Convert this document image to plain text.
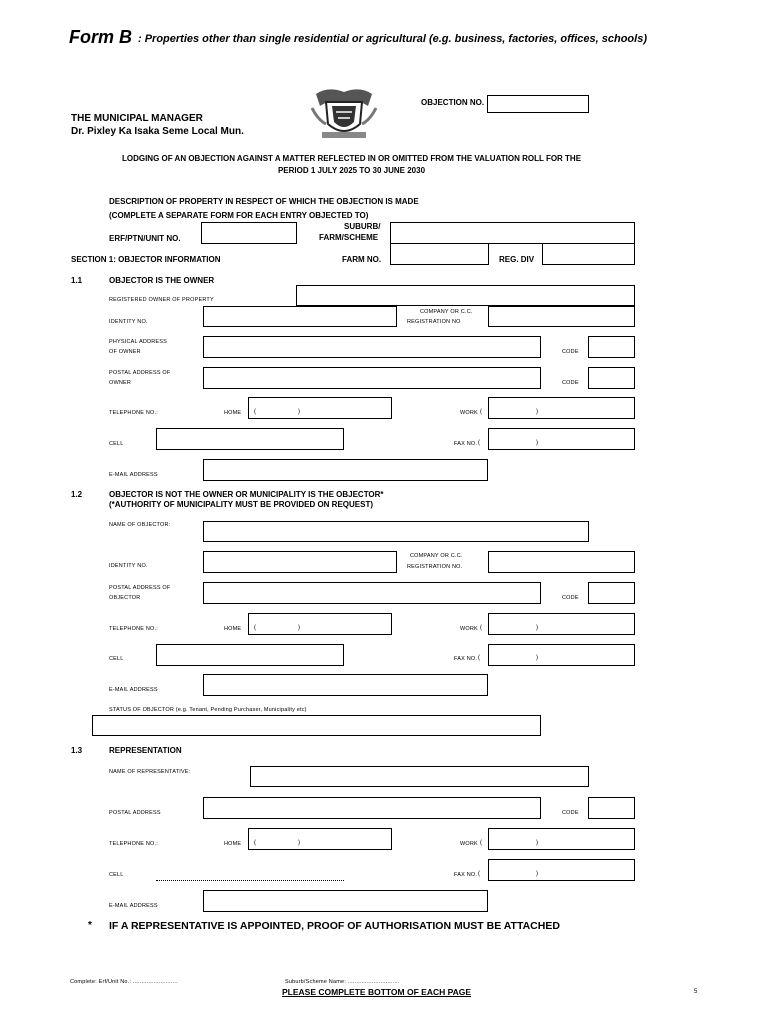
Form B : Properties other than single residential or agricultural (e.g. business, factories, offices, schools)
OBJECTION NO.
THE MUNICIPAL MANAGER
Dr. Pixley Ka Isaka Seme Local Mun.
LODGING OF AN OBJECTION AGAINST A MATTER REFLECTED IN OR OMITTED FROM THE VALUATION ROLL FOR THE
PERIOD 1 JULY 2025 TO 30 JUNE 2030
DESCRIPTION OF PROPERTY IN RESPECT OF WHICH THE OBJECTION IS MADE
(COMPLETE A SEPARATE FORM FOR EACH ENTRY OBJECTED TO)
ERF/PTN/UNIT NO.
SUBURB/
FARM/SCHEME
SECTION 1: OBJECTOR INFORMATION	FARM NO.	REG. DIV
1.1	OBJECTOR IS THE OWNER
REGISTERED OWNER OF PROPERTY
IDENTITY NO.
COMPANY OR C.C.
REGISTRATION NO
PHYSICAL ADDRESS
OF OWNER	CODE
POSTAL ADDRESS OF
OWNER	CODE
TELEPHONE NO.:	HOME (	)	WORK (	)
CELL	FAX NO. (	)
E-MAIL ADDRESS
1.2	OBJECTOR IS NOT THE OWNER OR MUNICIPALITY IS THE OBJECTOR*
(*AUTHORITY OF MUNICIPALITY MUST BE PROVIDED ON REQUEST)
NAME OF OBJECTOR:
IDENTITY NO.
COMPANY OR C.C.
REGISTRATION NO.
POSTAL ADDRESS OF
OBJECTOR	CODE
TELEPHONE NO.:	HOME (	)	WORK (	)
CELL	FAX NO. (	)
E-MAIL ADDRESS
STATUS OF OBJECTOR (e.g. Tenant, Pending Purchaser, Municipality etc)
1.3	REPRESENTATION
NAME OF REPRESENTATIVE:
POSTAL ADDRESS	CODE
TELEPHONE NO.:	HOME (	)	WORK (	)
CELL	FAX NO. (	)
E-MAIL ADDRESS
* IF A REPRESENTATIVE IS APPOINTED, PROOF OF AUTHORISATION MUST BE ATTACHED
Complete: Erf/Unit No.: ..........................	Suburb/Scheme Name: ..............................
PLEASE COMPLETE BOTTOM OF EACH PAGE	5
